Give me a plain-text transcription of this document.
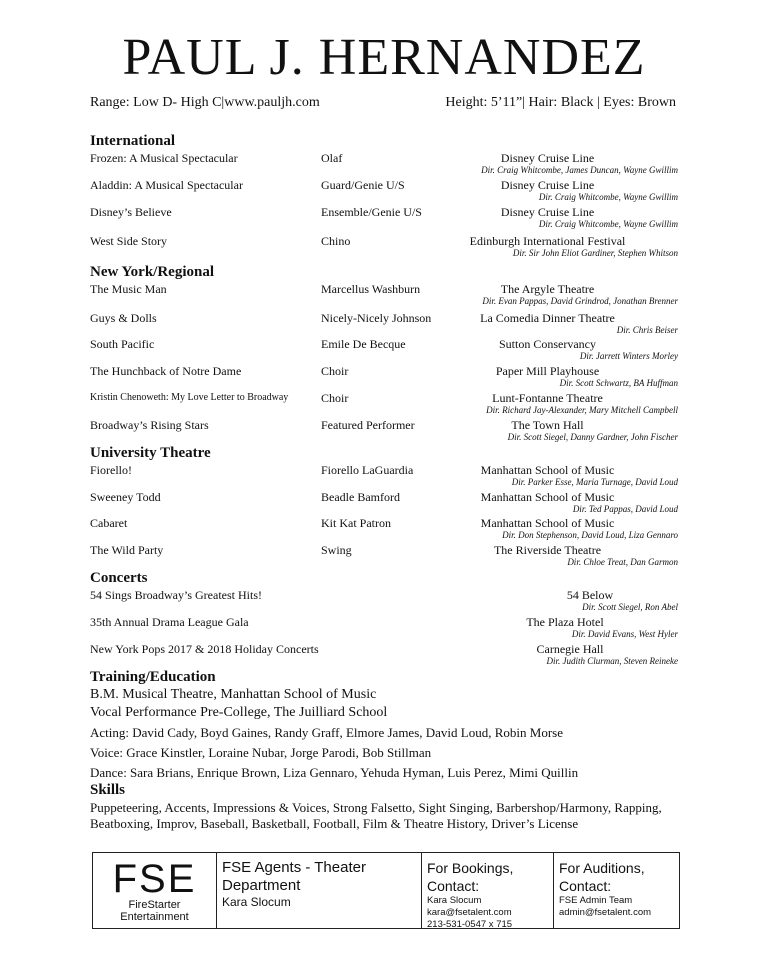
PAUL J. HERNANDEZ
Range: Low D- High C|www.pauljh.com	Height: 5’11”| Hair: Black | Eyes: Brown
International
Frozen: A Musical Spectacular	Olaf	Disney Cruise Line
Dir. Craig Whitcombe, James Duncan, Wayne Gwillim
Aladdin: A Musical Spectacular	Guard/Genie U/S	Disney Cruise Line
Dir. Craig Whitcombe, Wayne Gwillim
Disney’s Believe	Ensemble/Genie U/S	Disney Cruise Line
Dir. Craig Whitcombe, Wayne Gwillim
West Side Story	Chino	Edinburgh International Festival
Dir. Sir John Eliot Gardiner, Stephen Whitson
New York/Regional
The Music Man	Marcellus Washburn	The Argyle Theatre
Dir. Evan Pappas, David Grindrod, Jonathan Brenner
Guys & Dolls	Nicely-Nicely Johnson	La Comedia Dinner Theatre
Dir. Chris Beiser
South Pacific	Emile De Becque	Sutton Conservancy
Dir. Jarrett Winters Morley
The Hunchback of Notre Dame	Choir	Paper Mill Playhouse
Dir. Scott Schwartz, BA Huffman
Kristin Chenoweth: My Love Letter to Broadway	Choir	Lunt-Fontanne Theatre
Dir. Richard Jay-Alexander, Mary Mitchell Campbell
Broadway’s Rising Stars	Featured Performer	The Town Hall
Dir. Scott Siegel, Danny Gardner, John Fischer
University Theatre
Fiorello!	Fiorello LaGuardia	Manhattan School of Music
Dir. Parker Esse, Maria Turnage, David Loud
Sweeney Todd	Beadle Bamford	Manhattan School of Music
Dir. Ted Pappas, David Loud
Cabaret	Kit Kat Patron	Manhattan School of Music
Dir. Don Stephenson, David Loud, Liza Gennaro
The Wild Party	Swing	The Riverside Theatre
Dir. Chloe Treat, Dan Garmon
Concerts
54 Sings Broadway’s Greatest Hits!	54 Below
Dir. Scott Siegel, Ron Abel
35th Annual Drama League Gala	The Plaza Hotel
Dir. David Evans, West Hyler
New York Pops 2017 & 2018 Holiday Concerts	Carnegie Hall
Dir. Judith Clurman, Steven Reineke
Training/Education
B.M. Musical Theatre, Manhattan School of Music
Vocal Performance Pre-College, The Juilliard School
Acting: David Cady, Boyd Gaines, Randy Graff, Elmore James, David Loud, Robin Morse
Voice: Grace Kinstler, Loraine Nubar, Jorge Parodi, Bob Stillman
Dance: Sara Brians, Enrique Brown, Liza Gennaro, Yehuda Hyman, Luis Perez, Mimi Quillin
Skills
Puppeteering, Accents, Impressions & Voices, Strong Falsetto, Sight Singing, Barbershop/Harmony, Rapping, Beatboxing, Improv, Baseball, Basketball, Football, Film & Theatre History, Driver’s License
FSE
FireStarter
Entertainment
FSE Agents - Theater Department
Kara Slocum
For Bookings, Contact:
Kara Slocum
kara@fsetalent.com
213-531-0547 x 715
For Auditions, Contact:
FSE Admin Team
admin@fsetalent.com
